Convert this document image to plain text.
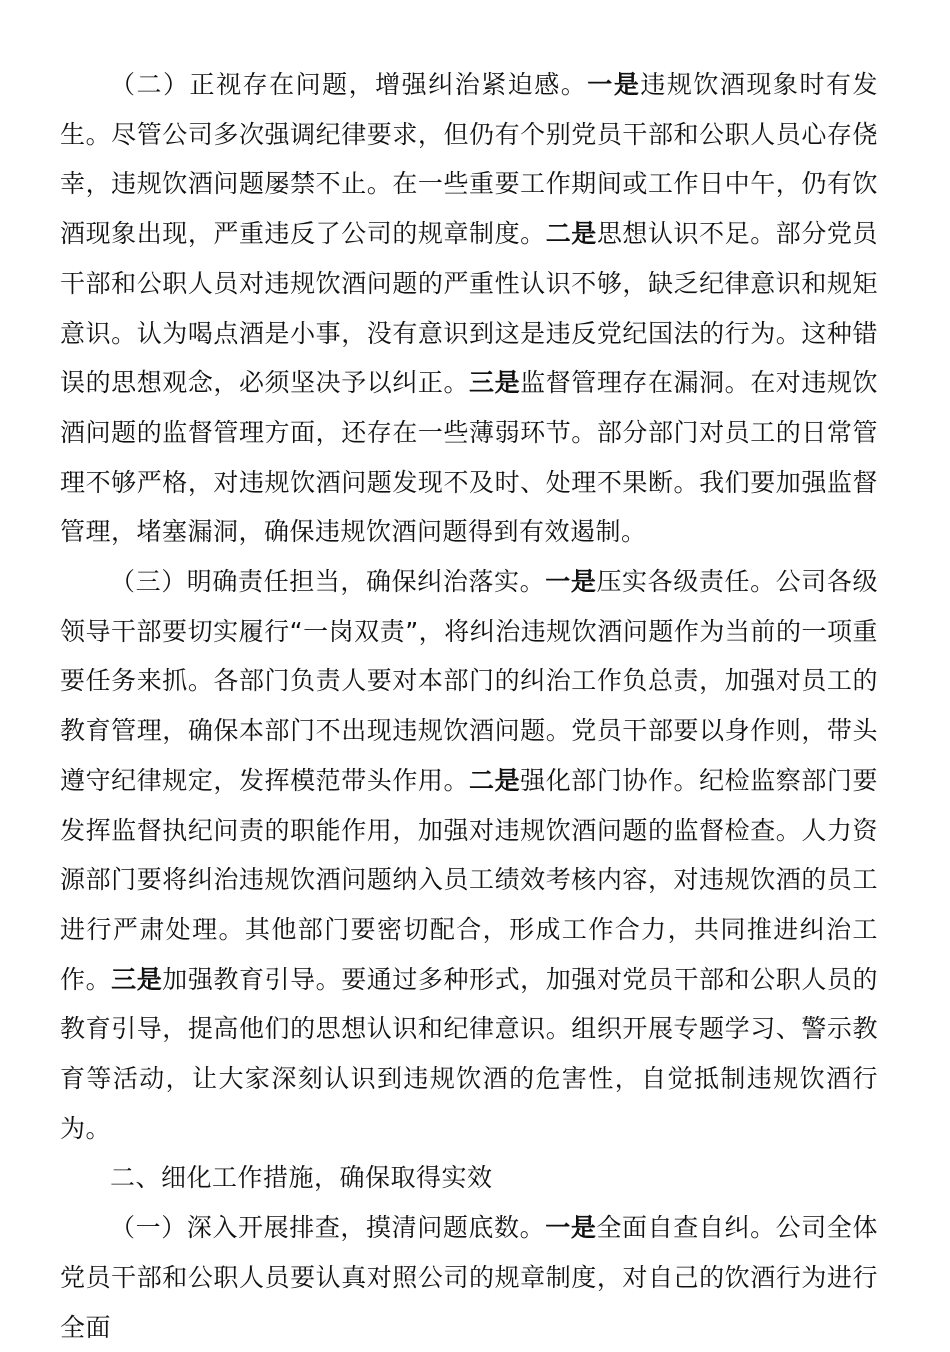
（二）正视存在问题，增强纠治紧迫感。一是违规饮酒现象时有发生。尽管公司多次强调纪律要求，但仍有个别党员干部和公职人员心存侥幸，违规饮酒问题屡禁不止。在一些重要工作期间或工作日中午，仍有饮酒现象出现，严重违反了公司的规章制度。二是思想认识不足。部分党员干部和公职人员对违规饮酒问题的严重性认识不够，缺乏纪律意识和规矩意识。认为喝点酒是小事，没有意识到这是违反党纪国法的行为。这种错误的思想观念，必须坚决予以纠正。三是监督管理存在漏洞。在对违规饮酒问题的监督管理方面，还存在一些薄弱环节。部分部门对员工的日常管理不够严格，对违规饮酒问题发现不及时、处理不果断。我们要加强监督管理，堵塞漏洞，确保违规饮酒问题得到有效遏制。

（三）明确责任担当，确保纠治落实。一是压实各级责任。公司各级领导干部要切实履行“一岗双责”，将纠治违规饮酒问题作为当前的一项重要任务来抓。各部门负责人要对本部门的纠治工作负总责，加强对员工的教育管理，确保本部门不出现违规饮酒问题。党员干部要以身作则，带头遵守纪律规定，发挥模范带头作用。二是强化部门协作。纪检监察部门要发挥监督执纪问责的职能作用，加强对违规饮酒问题的监督检查。人力资源部门要将纠治违规饮酒问题纳入员工绩效考核内容，对违规饮酒的员工进行严肃处理。其他部门要密切配合，形成工作合力，共同推进纠治工作。三是加强教育引导。要通过多种形式，加强对党员干部和公职人员的教育引导，提高他们的思想认识和纪律意识。组织开展专题学习、警示教育等活动，让大家深刻认识到违规饮酒的危害性，自觉抵制违规饮酒行为。

二、细化工作措施，确保取得实效

（一）深入开展排查，摸清问题底数。一是全面自查自纠。公司全体党员干部和公职人员要认真对照公司的规章制度，对自己的饮酒行为进行全面
